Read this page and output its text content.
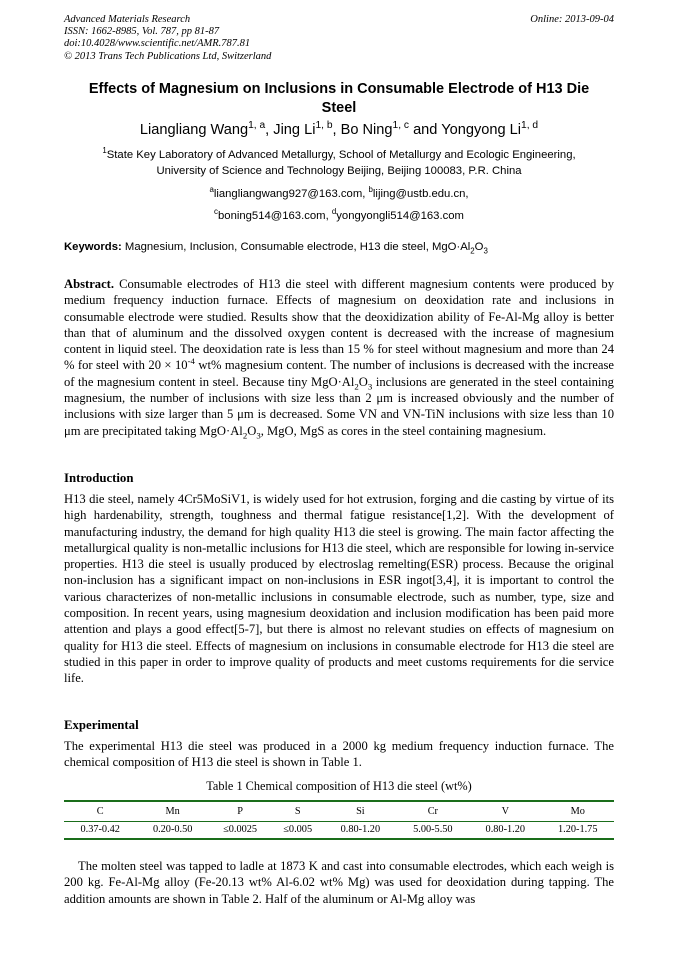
Advanced Materials Research
ISSN: 1662-8985, Vol. 787, pp 81-87
doi:10.4028/www.scientific.net/AMR.787.81
© 2013 Trans Tech Publications Ltd, Switzerland
Online: 2013-09-04
Effects of Magnesium on Inclusions in Consumable Electrode of H13 Die
Steel
Liangliang Wang$^{1, a}$, Jing Li$^{1, b}$, Bo Ning$^{1, c}$ and Yongyong Li$^{1, d}$
$^1$State Key Laboratory of Advanced Metallurgy, School of Metallurgy and Ecologic Engineering,
University of Science and Technology Beijing, Beijing 100083, P.R. China
$^a$liangliangwang927@163.com, $^b$lijing@ustb.edu.cn,
$^c$boning514@163.com, $^d$yongyongli514@163.com
Keywords: Magnesium, Inclusion, Consumable electrode, H13 die steel, $MgO\cdot Al_2O_3$
Abstract. Consumable electrodes of H13 die steel with different magnesium contents were produced by medium frequency induction furnace. Effects of magnesium on deoxidation rate and inclusions in consumable electrode were studied. Results show that the deoxidization ability of Fe-Al-Mg alloy is better than that of aluminum and the dissolved oxygen content is decreased with the increase of magnesium content in liquid steel. The deoxidation rate is less than 15 % for steel without magnesium and more than 24 % for steel with $20 \times 10^{-4}$ wt% magnesium content. The number of inclusions is decreased with the increase of the magnesium content in steel. Because tiny $MgO\cdot Al_2O_3$ inclusions are generated in the steel containing magnesium, the number of inclusions with size less than 2 μm is increased obviously and the number of inclusions with size larger than 5 μm is decreased. Some VN and VN-TiN inclusions with size less than 10 μm are precipitated taking $MgO\cdot Al_2O_3$, MgO, MgS as cores in the steel containing magnesium.
Introduction
H13 die steel, namely 4Cr5MoSiV1, is widely used for hot extrusion, forging and die casting by virtue of its high hardenability, strength, toughness and thermal fatigue resistance[1,2]. With the development of manufacturing industry, the demand for high quality H13 die steel is growing. The main factor affecting the metallurgical quality is non-metallic inclusions for H13 die steel, which are responsible for lowing in-service properties. H13 die steel is usually produced by electroslag remelting(ESR) process. Because the original non-inclusion has a significant impact on non-inclusions in ESR ingot[3,4], it is important to control the various characterizes of non-metallic inclusions in consumable electrode, such as number, type, size and composition. In recent years, using magnesium deoxidation and inclusion modification has been paid more attention and plays a good effect[5-7], but there is almost no relevant studies on effects of magnesium on quality for H13 die steel. Effects of magnesium on inclusions in consumable electrode for H13 die steel are studied in this paper in order to improve quality of products and meet customs requirements for die service life.
Experimental
The experimental H13 die steel was produced in a 2000 kg medium frequency induction furnace. The chemical composition of H13 die steel is shown in Table 1.
Table 1 Chemical composition of H13 die steel (wt%)
C	Mn	P	S	Si	Cr	V	Mo
0.37-0.42	0.20-0.50	≤0.0025	≤0.005	0.80-1.20	5.00-5.50	0.80-1.20	1.20-1.75
The molten steel was tapped to ladle at 1873 K and cast into consumable electrodes, which each weigh is 200 kg. Fe-Al-Mg alloy (Fe-20.13 wt% Al-6.02 wt% Mg) was used for deoxidation during tapping. The addition amounts are shown in Table 2. Half of the aluminum or Al-Mg alloy was
